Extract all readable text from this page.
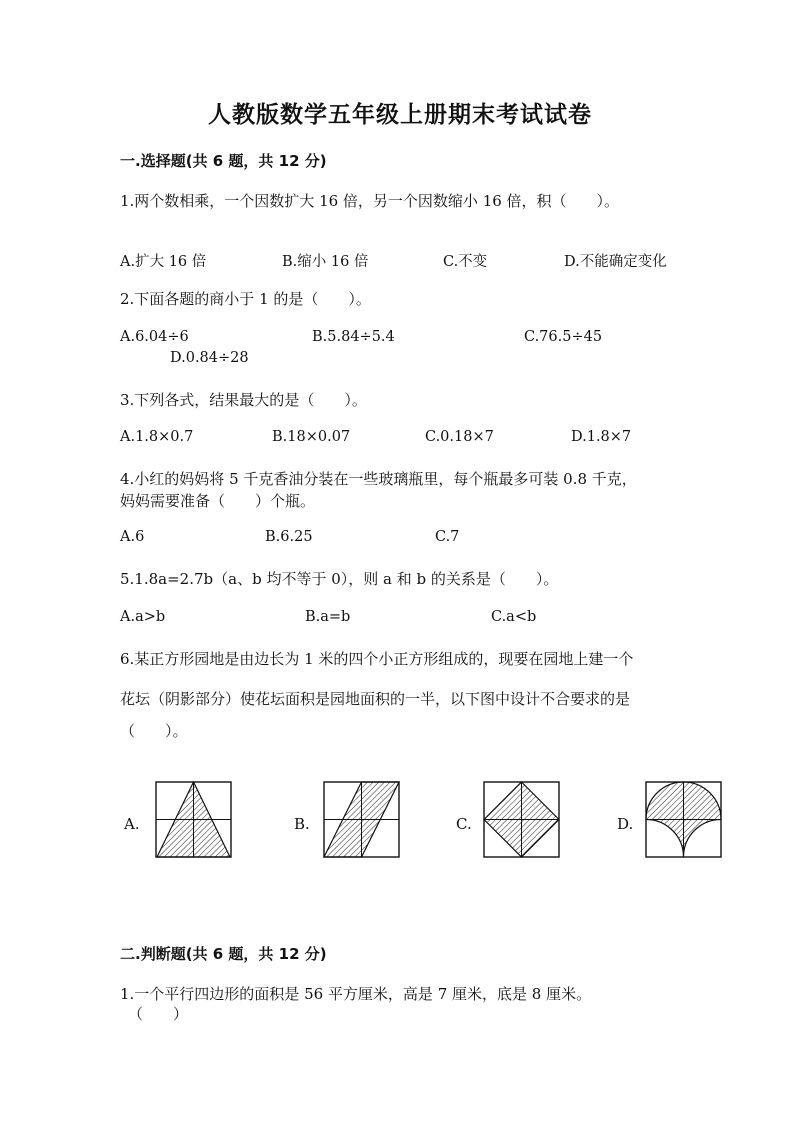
人教版数学五年级上册期末考试试卷
一.选择题(共 6 题，共 12 分)
1.两个数相乘，一个因数扩大 16 倍，另一个因数缩小 16 倍，积（　　）。
A.扩大 16 倍	B.缩小 16 倍	C.不变	D.不能确定变化
2.下面各题的商小于 1 的是（　　）。
A.6.04÷6	B.5.84÷5.4	C.76.5÷45
D.0.84÷28
3.下列各式，结果最大的是（　　）。
A.1.8×0.7	B.18×0.07	C.0.18×7	D.1.8×7
4.小红的妈妈将 5 千克香油分装在一些玻璃瓶里，每个瓶最多可装 0.8 千克，
妈妈需要准备（　　）个瓶。
A.6	B.6.25	C.7
5.1.8a=2.7b（a、b 均不等于 0），则 a 和 b 的关系是（　　）。
A.a>b	B.a=b	C.a<b
6.某正方形园地是由边长为 1 米的四个小正方形组成的，现要在园地上建一个
花坛（阴影部分）使花坛面积是园地面积的一半，以下图中设计不合要求的是
（　　）。
A.	B.	C.	D.
二.判断题(共 6 题，共 12 分)
1.一个平行四边形的面积是 56 平方厘米，高是 7 厘米，底是 8 厘米。
（　　）
